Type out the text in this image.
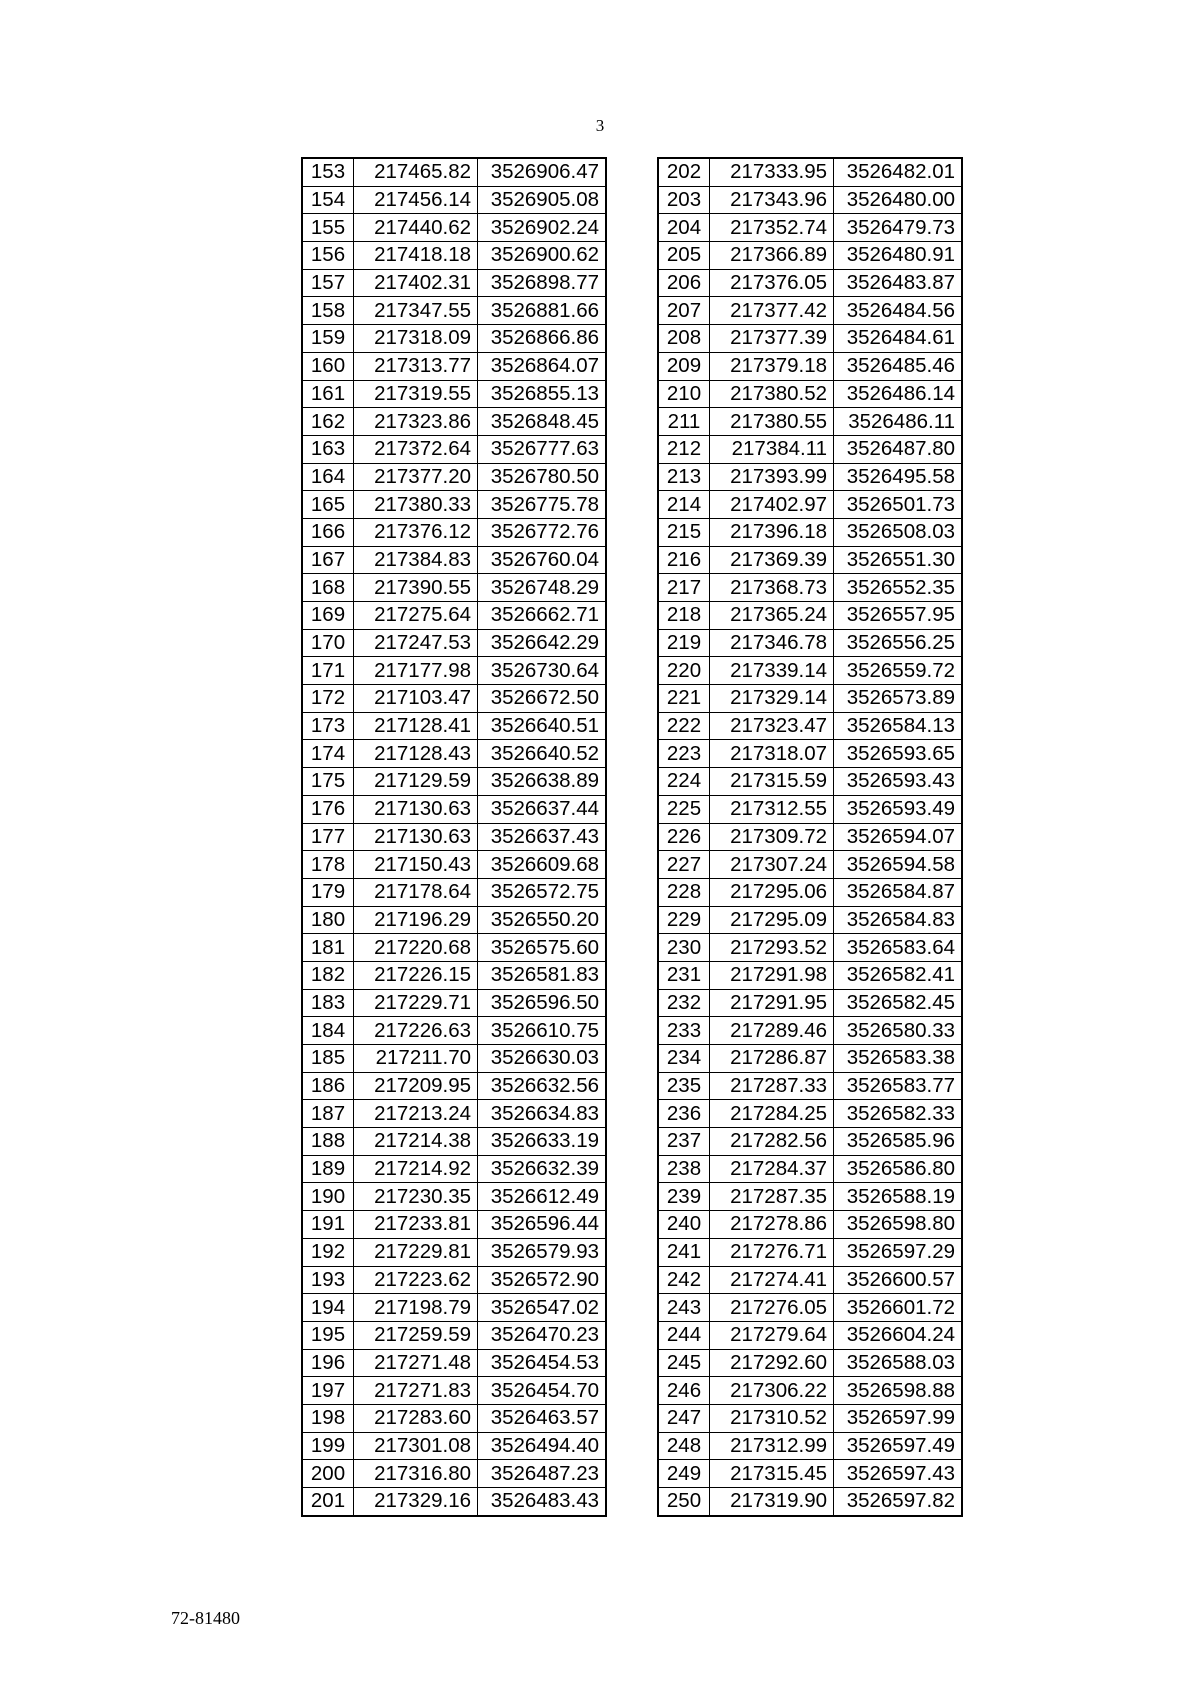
3
153	217465.82	3526906.47
154	217456.14	3526905.08
155	217440.62	3526902.24
156	217418.18	3526900.62
157	217402.31	3526898.77
158	217347.55	3526881.66
159	217318.09	3526866.86
160	217313.77	3526864.07
161	217319.55	3526855.13
162	217323.86	3526848.45
163	217372.64	3526777.63
164	217377.20	3526780.50
165	217380.33	3526775.78
166	217376.12	3526772.76
167	217384.83	3526760.04
168	217390.55	3526748.29
169	217275.64	3526662.71
170	217247.53	3526642.29
171	217177.98	3526730.64
172	217103.47	3526672.50
173	217128.41	3526640.51
174	217128.43	3526640.52
175	217129.59	3526638.89
176	217130.63	3526637.44
177	217130.63	3526637.43
178	217150.43	3526609.68
179	217178.64	3526572.75
180	217196.29	3526550.20
181	217220.68	3526575.60
182	217226.15	3526581.83
183	217229.71	3526596.50
184	217226.63	3526610.75
185	217211.70	3526630.03
186	217209.95	3526632.56
187	217213.24	3526634.83
188	217214.38	3526633.19
189	217214.92	3526632.39
190	217230.35	3526612.49
191	217233.81	3526596.44
192	217229.81	3526579.93
193	217223.62	3526572.90
194	217198.79	3526547.02
195	217259.59	3526470.23
196	217271.48	3526454.53
197	217271.83	3526454.70
198	217283.60	3526463.57
199	217301.08	3526494.40
200	217316.80	3526487.23
201	217329.16	3526483.43
202	217333.95	3526482.01
203	217343.96	3526480.00
204	217352.74	3526479.73
205	217366.89	3526480.91
206	217376.05	3526483.87
207	217377.42	3526484.56
208	217377.39	3526484.61
209	217379.18	3526485.46
210	217380.52	3526486.14
211	217380.55	3526486.11
212	217384.11	3526487.80
213	217393.99	3526495.58
214	217402.97	3526501.73
215	217396.18	3526508.03
216	217369.39	3526551.30
217	217368.73	3526552.35
218	217365.24	3526557.95
219	217346.78	3526556.25
220	217339.14	3526559.72
221	217329.14	3526573.89
222	217323.47	3526584.13
223	217318.07	3526593.65
224	217315.59	3526593.43
225	217312.55	3526593.49
226	217309.72	3526594.07
227	217307.24	3526594.58
228	217295.06	3526584.87
229	217295.09	3526584.83
230	217293.52	3526583.64
231	217291.98	3526582.41
232	217291.95	3526582.45
233	217289.46	3526580.33
234	217286.87	3526583.38
235	217287.33	3526583.77
236	217284.25	3526582.33
237	217282.56	3526585.96
238	217284.37	3526586.80
239	217287.35	3526588.19
240	217278.86	3526598.80
241	217276.71	3526597.29
242	217274.41	3526600.57
243	217276.05	3526601.72
244	217279.64	3526604.24
245	217292.60	3526588.03
246	217306.22	3526598.88
247	217310.52	3526597.99
248	217312.99	3526597.49
249	217315.45	3526597.43
250	217319.90	3526597.82
72-81480
